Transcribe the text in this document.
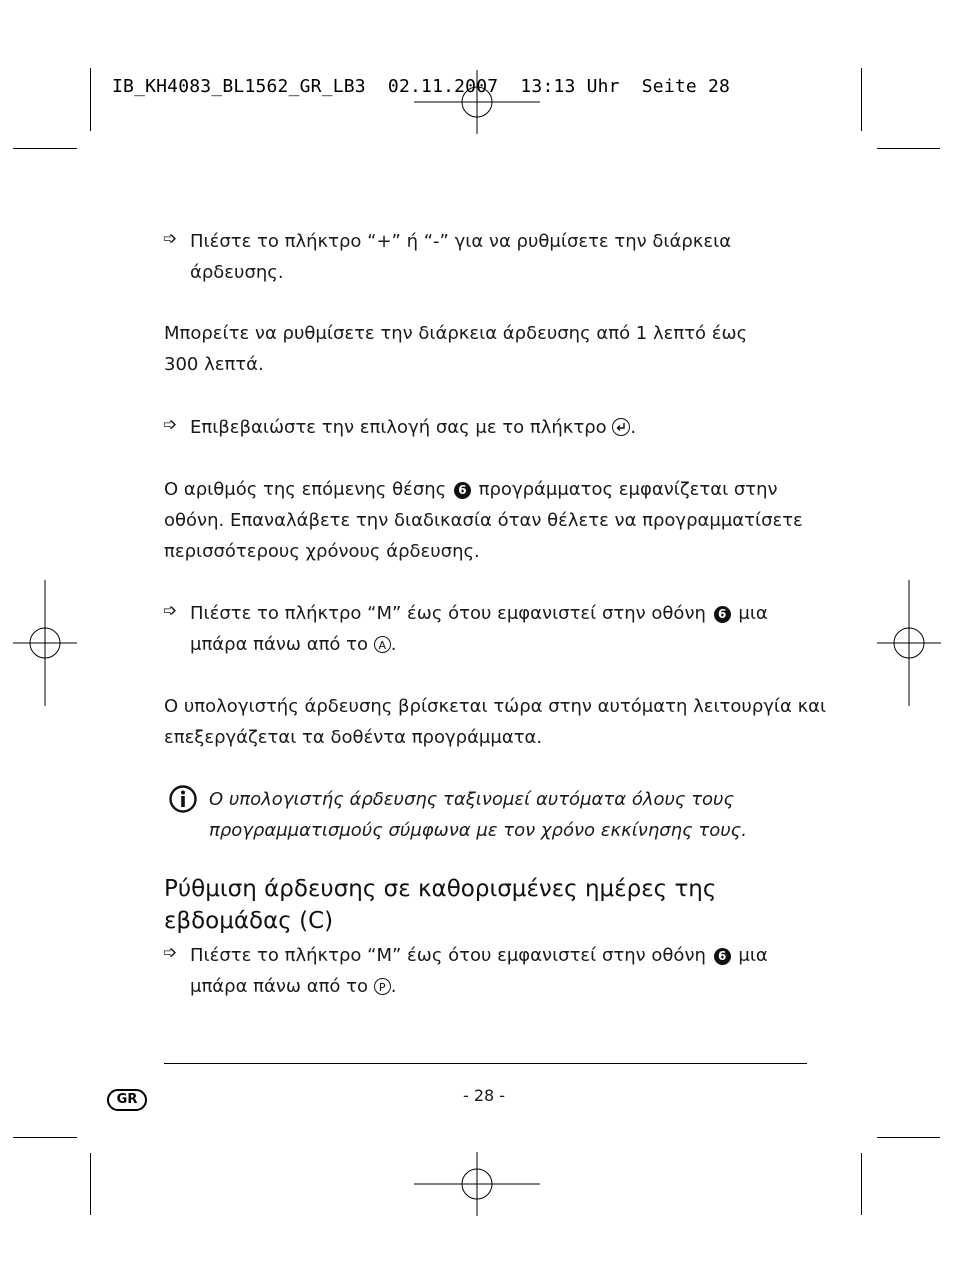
IB_KH4083_BL1562_GR_LB3  02.11.2007  13:13 Uhr  Seite 28
➩ Πιέστε το πλήκτρο “+” ή “-” για να ρυθμίσετε την διάρκεια
άρδευσης.
Μπορείτε να ρυθμίσετε την διάρκεια άρδευσης από 1 λεπτό έως
300 λεπτά.
➩ Επιβεβαιώστε την επιλογή σας με το πλήκτρο .
Ο αριθμός της επόμενης θέσης 6 προγράμματος εμφανίζεται στην
οθόνη. Επαναλάβετε την διαδικασία όταν θέλετε να προγραμματίσετε
περισσότερους χρόνους άρδευσης.
➩ Πιέστε το πλήκτρο “M” έως ότου εμφανιστεί στην οθόνη 6 μια
μπάρα πάνω από το A .
Ο υπολογιστής άρδευσης βρίσκεται τώρα στην αυτόματη λειτουργία και
επεξεργάζεται τα δοθέντα προγράμματα.
Ο υπολογιστής άρδευσης ταξινομεί αυτόματα όλους τους
προγραμματισμούς σύμφωνα με τον χρόνο εκκίνησης τους.
Ρύθμιση άρδευσης σε καθορισμένες ημέρες της
εβδομάδας (C)
➩ Πιέστε το πλήκτρο “M” έως ότου εμφανιστεί στην οθόνη 6 μια
μπάρα πάνω από το P .
GR	- 28 -
